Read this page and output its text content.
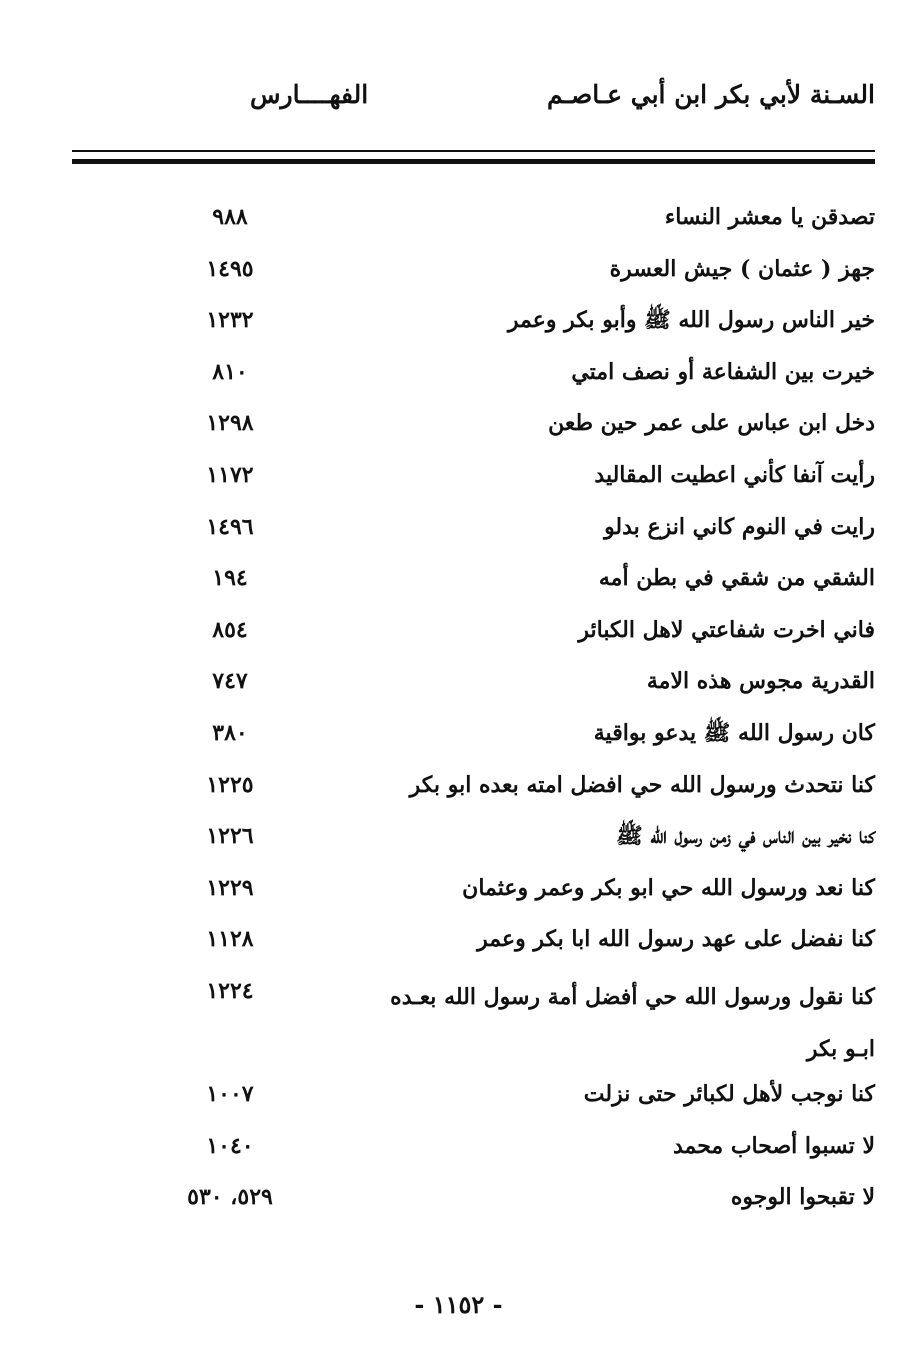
السـنة لأبي بكر ابن أبي عـاصـم
الفهــــارس
تصدقن يا معشر النساء
٩٨٨
جهز ( عثمان ) جيش العسرة
١٤٩٥
خير الناس رسول الله ﷺ وأبو بكر وعمر
١٢٣٢
خيرت بين الشفاعة أو نصف امتي
٨١٠
دخل ابن عباس على عمر حين طعن
١٢٩٨
رأيت آنفا كأني اعطيت المقاليد
١١٧٢
رايت في النوم كاني انزع بدلو
١٤٩٦
الشقي من شقي في بطن أمه
١٩٤
فاني اخرت شفاعتي لاهل الكبائر
٨٥٤
القدرية مجوس هذه الامة
٧٤٧
كان رسول الله ﷺ يدعو بواقية
٣٨٠
كنا نتحدث ورسول الله حي افضل امته بعده ابو بكر
١٢٢٥
كنا نخير بين الناس في زمن رسول الله ﷺ
١٢٢٦
كنا نعد ورسول الله حي ابو بكر وعمر وعثمان
١٢٢٩
كنا نفضل على عهد رسول الله ابا بكر وعمر
١١٢٨
كنا نقول ورسول الله حي أفضل أمة رسول الله بعـده ابـو بكر
١٢٢٤
كنا نوجب لأهل لكبائر حتى نزلت
١٠٠٧
لا تسبوا أصحاب محمد
١٠٤٠
لا تقبحوا الوجوه
٥٢٩، ٥٣٠
- ١١٥٢ -
